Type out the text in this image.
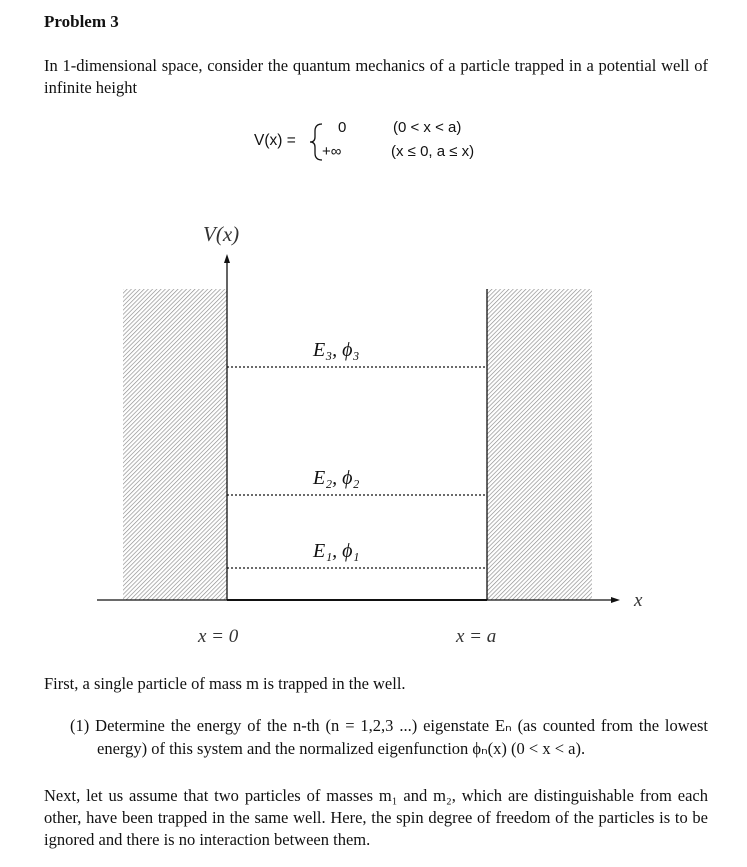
Problem 3
In 1-dimensional space, consider the quantum mechanics of a particle trapped in a potential well of infinite height
V(x) =
0
+∞
(0 < x < a)
(x ≤ 0, a ≤ x)
E₃, ϕ₃
E₂, ϕ₂
E₁, ϕ₁
V(x)
x
x = 0	x = a
First, a single particle of mass m is trapped in the well.
(1) Determine the energy of the n-th (n = 1,2,3 ...) eigenstate Eₙ (as counted from the lowest energy) of this system and the normalized eigenfunction ϕₙ(x) (0 < x < a).
Next, let us assume that two particles of masses m₁ and m₂, which are distinguishable from each other, have been trapped in the same well. Here, the spin degree of freedom of the particles is to be ignored and there is no interaction between them.
